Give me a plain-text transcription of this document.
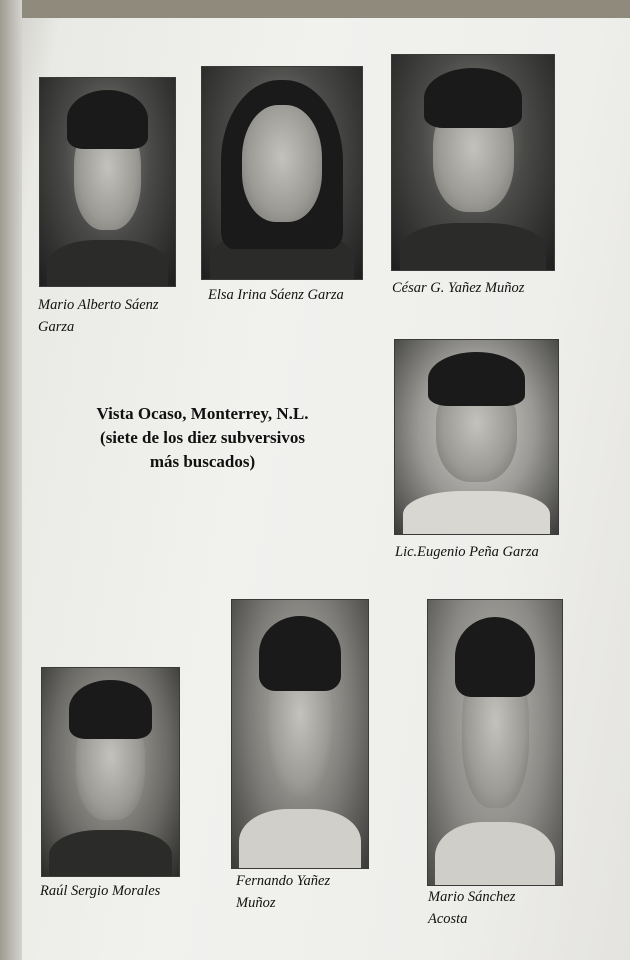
Mario Alberto Sáenz
Garza
Elsa Irina Sáenz Garza	César G. Yañez Muñoz
Vista Ocaso, Monterrey, N.L.
(siete de los diez subversivos
más buscados)
Lic.Eugenio Peña Garza
Raúl Sergio Morales
Fernando Yañez
Muñoz	Mario Sánchez
Acosta
